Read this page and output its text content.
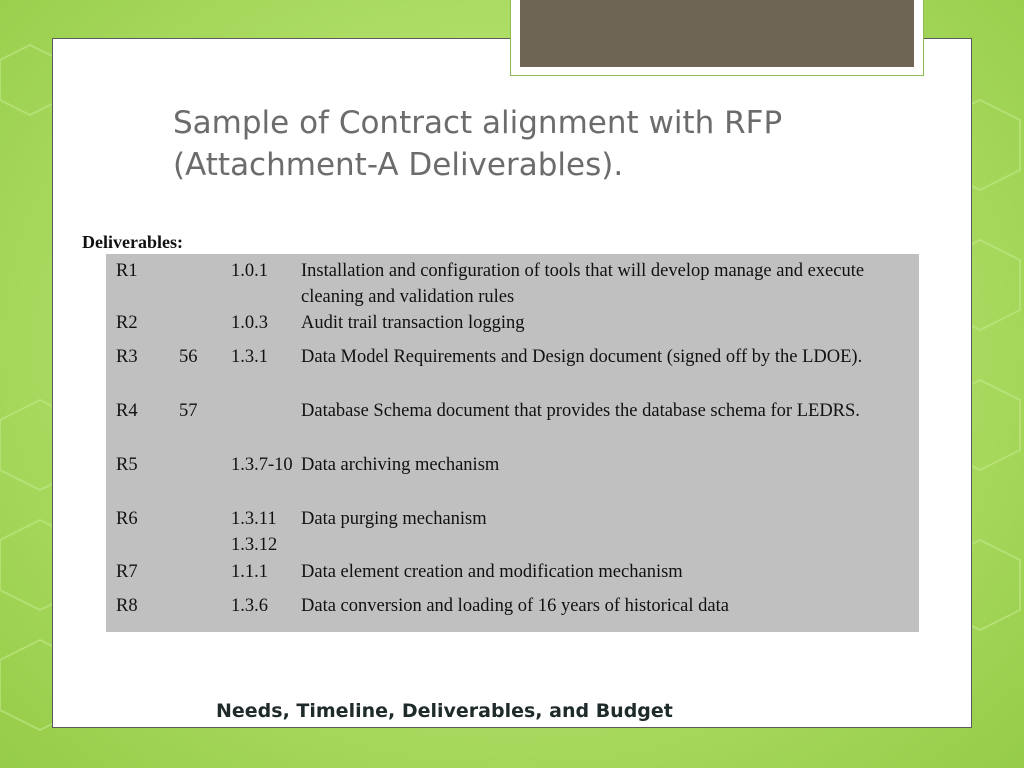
Sample of Contract alignment with RFP
(Attachment-A Deliverables).
Deliverables:
R1		1.0.1	Installation and configuration of tools that will develop manage and execute cleaning and validation rules
R2		1.0.3	Audit trail transaction logging
R3	56	1.3.1	Data Model Requirements and Design document (signed off by the LDOE).
R4	57		Database Schema document that provides the database schema for LEDRS.
R5		1.3.7-10	Data archiving mechanism
R6		1.3.11 1.3.12	Data purging mechanism
R7		1.1.1	Data element creation and modification mechanism
R8		1.3.6	Data conversion and loading of 16 years of historical data
Needs, Timeline, Deliverables, and Budget
